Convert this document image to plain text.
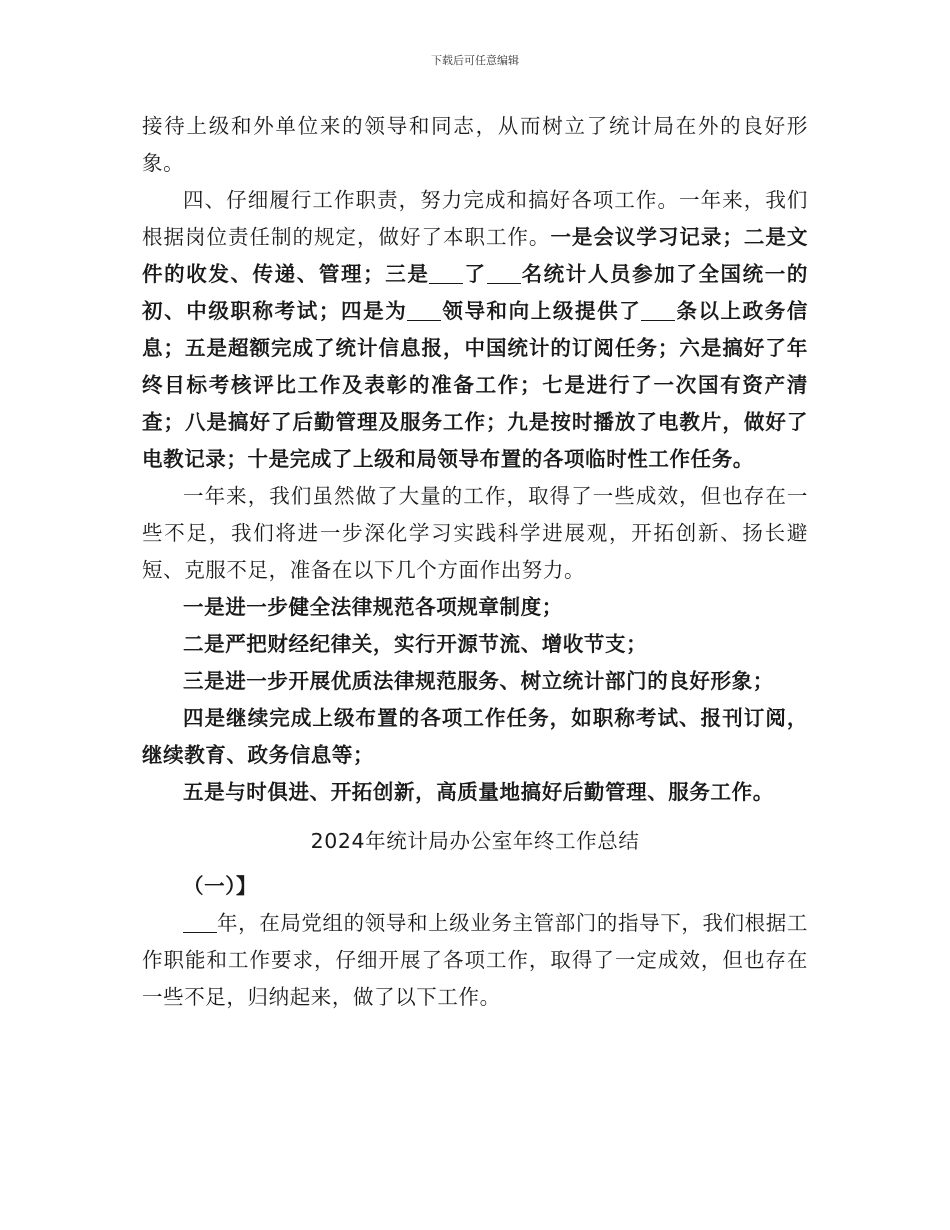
下载后可任意编辑

接待上级和外单位来的领导和同志，从而树立了统计局在外的良好形象。

四、仔细履行工作职责，努力完成和搞好各项工作。一年来，我们根据岗位责任制的规定，做好了本职工作。一是会议学习记录；二是文件的收发、传递、管理；三是 了 名统计人员参加了全国统一的初、中级职称考试；四是为 领导和向上级提供了 条以上政务信息；五是超额完成了统计信息报，中国统计的订阅任务；六是搞好了年终目标考核评比工作及表彰的准备工作；七是进行了一次国有资产清查；八是搞好了后勤管理及服务工作；九是按时播放了电教片，做好了电教记录；十是完成了上级和局领导布置的各项临时性工作任务。

一年来，我们虽然做了大量的工作，取得了一些成效，但也存在一些不足，我们将进一步深化学习实践科学进展观，开拓创新、扬长避短、克服不足，准备在以下几个方面作出努力。

一是进一步健全法律规范各项规章制度；

二是严把财经纪律关，实行开源节流、增收节支；

三是进一步开展优质法律规范服务、树立统计部门的良好形象；

四是继续完成上级布置的各项工作任务，如职称考试、报刊订阅，继续教育、政务信息等；

五是与时俱进、开拓创新，高质量地搞好后勤管理、服务工作。

2024年统计局办公室年终工作总结

（一）】

年，在局党组的领导和上级业务主管部门的指导下，我们根据工作职能和工作要求，仔细开展了各项工作，取得了一定成效，但也存在一些不足，归纳起来，做了以下工作。
